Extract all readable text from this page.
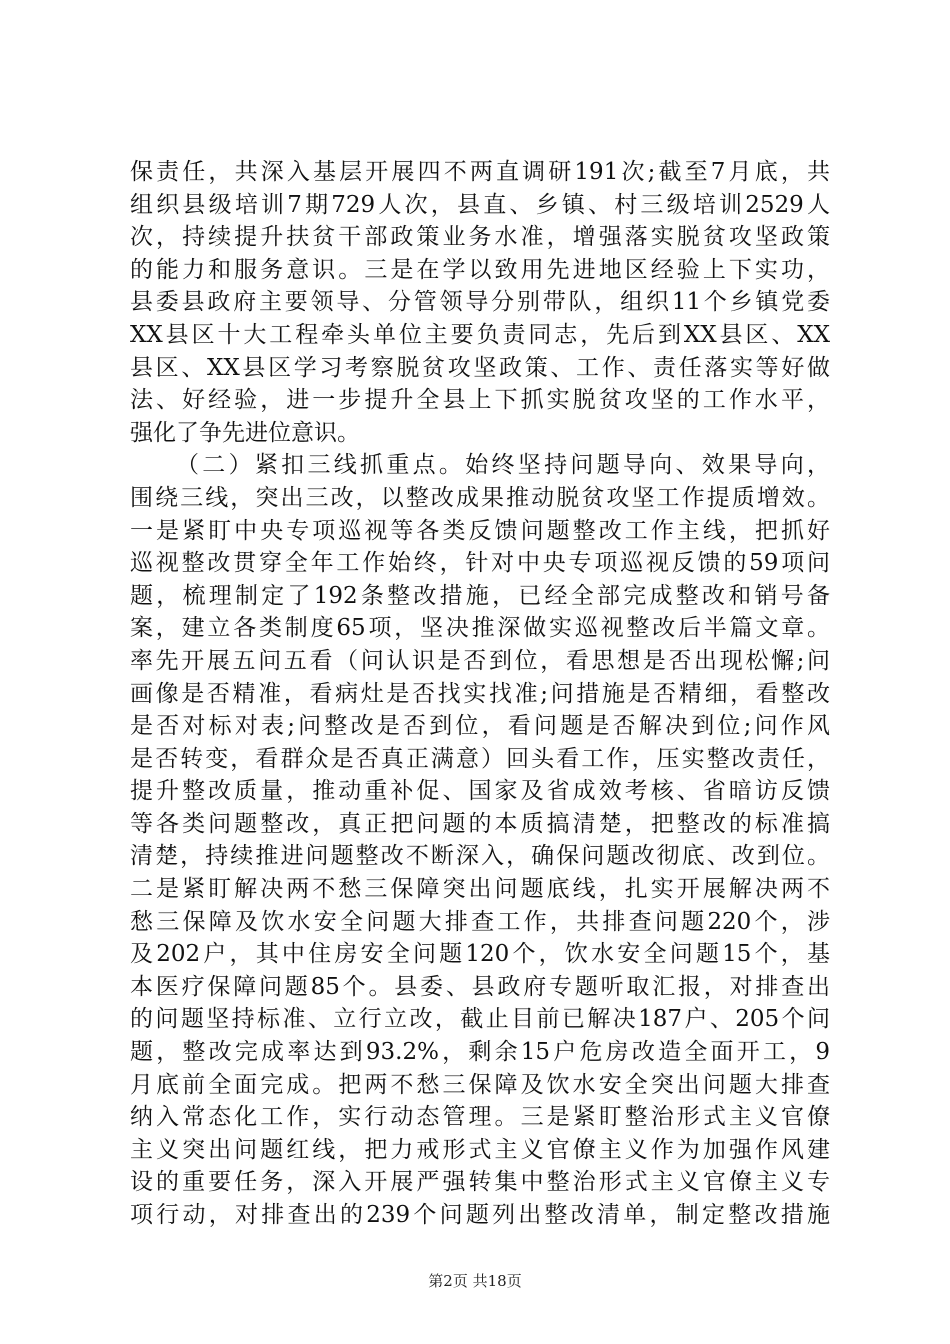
保责任，共深入基层开展四不两直调研191次;截至7月底，共
组织县级培训7期729人次，县直、乡镇、村三级培训2529人
次，持续提升扶贫干部政策业务水准，增强落实脱贫攻坚政策
的能力和服务意识。三是在学以致用先进地区经验上下实功，
县委县政府主要领导、分管领导分别带队，组织11个乡镇党委
XX县区十大工程牵头单位主要负责同志，先后到XX县区、XX
县区、XX县区学习考察脱贫攻坚政策、工作、责任落实等好做
法、好经验，进一步提升全县上下抓实脱贫攻坚的工作水平，
强化了争先进位意识。
（二）紧扣三线抓重点。始终坚持问题导向、效果导向，
围绕三线，突出三改，以整改成果推动脱贫攻坚工作提质增效。
一是紧盯中央专项巡视等各类反馈问题整改工作主线，把抓好
巡视整改贯穿全年工作始终，针对中央专项巡视反馈的59项问
题，梳理制定了192条整改措施，已经全部完成整改和销号备
案，建立各类制度65项，坚决推深做实巡视整改后半篇文章。
率先开展五问五看（问认识是否到位，看思想是否出现松懈;问
画像是否精准，看病灶是否找实找准;问措施是否精细，看整改
是否对标对表;问整改是否到位，看问题是否解决到位;问作风
是否转变，看群众是否真正满意）回头看工作，压实整改责任，
提升整改质量，推动重补促、国家及省成效考核、省暗访反馈
等各类问题整改，真正把问题的本质搞清楚，把整改的标准搞
清楚，持续推进问题整改不断深入，确保问题改彻底、改到位。
二是紧盯解决两不愁三保障突出问题底线，扎实开展解决两不
愁三保障及饮水安全问题大排查工作，共排查问题220个，涉
及202户，其中住房安全问题120个，饮水安全问题15个，基
本医疗保障问题85个。县委、县政府专题听取汇报，对排查出
的问题坚持标准、立行立改，截止目前已解决187户、205个问
题，整改完成率达到93.2%，剩余15户危房改造全面开工，9
月底前全面完成。把两不愁三保障及饮水安全突出问题大排查
纳入常态化工作，实行动态管理。三是紧盯整治形式主义官僚
主义突出问题红线，把力戒形式主义官僚主义作为加强作风建
设的重要任务，深入开展严强转集中整治形式主义官僚主义专
项行动，对排查出的239个问题列出整改清单，制定整改措施
第2页 共18页
